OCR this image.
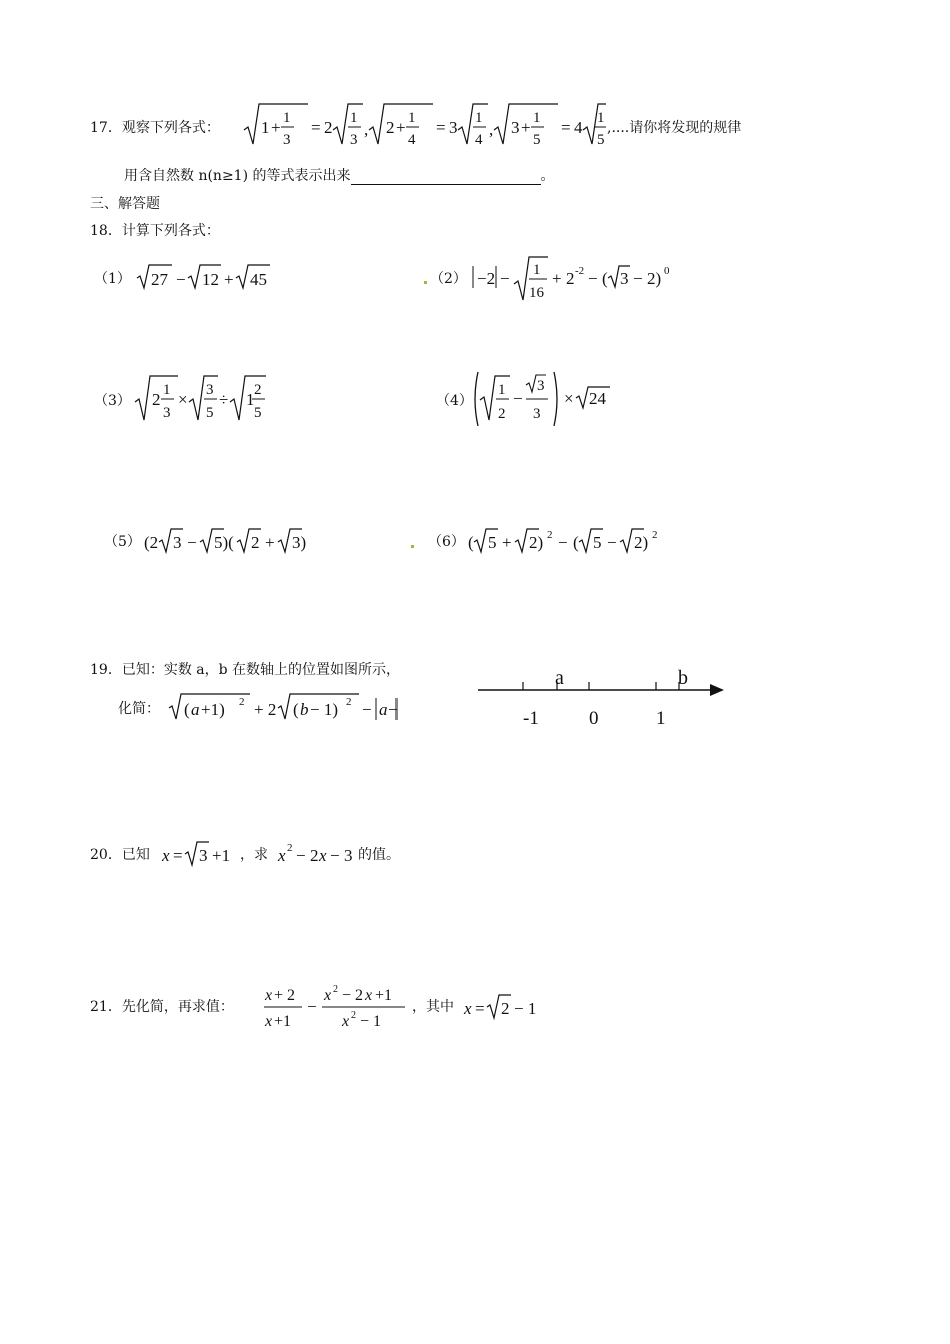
17．观察下列各式： 1 + 1
3
= 2 1
3
, 2 + 1
4
= 3 1
4
, 3 + 1
5
= 4 1
5
,....请你将发现的规律
用含自然数 n(n≥1) 的等式表示出来	。
三、解答题
18．计算下列各式：
（1） 27 − 12 + 45	（2） −2 − 1
16
+ 2 -2 − ( 3 − 2) 0
（3） 2 1
3
× 3
5
÷ 1 2
5
（4）
1
2
−
3
3
× 24
（5） (2 3 − 5)( 2 + 3)	（6） ( 5 + 2) 2 − ( 5 − 2) 2
19．已知：实数 a，b 在数轴上的位置如图所示，
化简： ( a +1) 2 + 2 ( b − 1) 2 − a −
a	b
-1	0	1
20．已知 x = 3 +1 ，求 x 2 − 2 x − 3 的值。
21．先化简，再求值：
x + 2
x +1
−
x 2 − 2 x +1
x 2 − 1
，其中 x = 2 − 1
